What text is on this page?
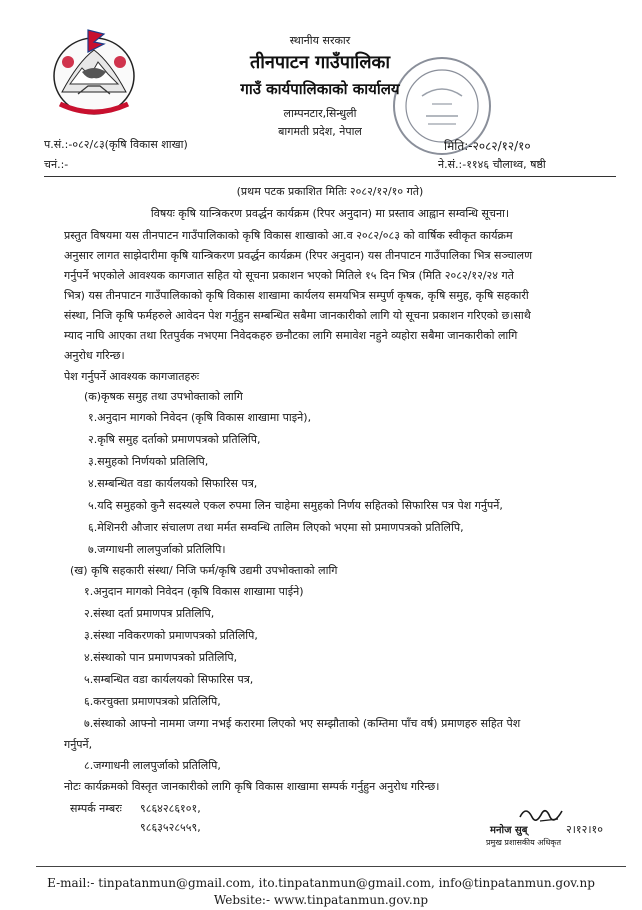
स्थानीय सरकार
तीनपाटन गाउँपालिका
गाउँ कार्यपालिकाको कार्यालय
लाम्पनटार,सिन्धुली
बागमती प्रदेश, नेपाल
प.सं.:-०८२/८३(कृषि विकास शाखा)
चनं.:-
मिति:-२०८२/१२/१०
ने.सं.:-११४६ चौलाथ्व, षष्ठी
(प्रथम पटक प्रकाशित मितिः २०८२/१२/१० गते)
विषयः कृषि यान्त्रिकरण प्रवर्द्धन कार्यक्रम (रिपर अनुदान) मा प्रस्ताव आह्वान सम्वन्धि सूचना।
प्रस्तुत विषयमा यस तीनपाटन गाउँपालिकाको कृषि विकास शाखाको आ.व २०८२/०८३ को वार्षिक स्वीकृत कार्यक्रम
अनुसार लागत साझेदारीमा कृषि यान्त्रिकरण प्रवर्द्धन कार्यक्रम (रिपर अनुदान) यस तीनपाटन गाउँपालिका भित्र सञ्चालण
गर्नुपर्ने भएकोले आवश्यक कागजात सहित यो सूचना प्रकाशन भएको मितिले १५ दिन भित्र (मिति २०८२/१२/२४ गते
भित्र) यस तीनपाटन गाउँपालिकाको कृषि विकास शाखामा कार्यलय समयभित्र सम्पुर्ण कृषक, कृषि समुह, कृषि सहकारी
संस्था, निजि कृषि फर्महरुले आवेदन पेश गर्नुहुन सम्बन्धित सबैमा जानकारीको लागि यो सूचना प्रकाशन गरिएको छ।साथै
म्याद नाघि आएका तथा रितपुर्वक नभएमा निवेदकहरु छनौटका लागि समावेश नहुने व्यहोरा सबैमा जानकारीको लागि
अनुरोध गरिन्छ।
पेश गर्नुपर्ने आवश्यक कागजातहरुः
(क)कृषक समुह तथा उपभोक्ताको लागि
१.अनुदान मागको निवेदन (कृषि विकास शाखामा पाइने),
२.कृषि समुह दर्ताको प्रमाणपत्रको प्रतिलिपि,
३.समुहको निर्णयको प्रतिलिपि,
४.सम्बन्धित वडा कार्यलयको सिफारिस पत्र,
५.यदि समुहको कुनै सदस्यले एकल रुपमा लिन चाहेमा समुहको निर्णय सहितको सिफारिस पत्र पेश गर्नुपर्ने,
६.मेशिनरी औजार संचालण तथा मर्मत सम्वन्धि तालिम लिएको भएमा सो प्रमाणपत्रको प्रतिलिपि,
७.जग्गाधनी लालपुर्जाको प्रतिलिपि।
(ख) कृषि सहकारी संस्था/ निजि फर्म/कृषि उद्यमी उपभोक्ताको लागि
१.अनुदान मागको निवेदन (कृषि विकास शाखामा पाईने)
२.संस्था दर्ता प्रमाणपत्र प्रतिलिपि,
३.संस्था नविकरणको प्रमाणपत्रको प्रतिलिपि,
४.संस्थाको पान प्रमाणपत्रको प्रतिलिपि,
५.सम्बन्धित वडा कार्यलयको सिफारिस पत्र,
६.करचुक्ता प्रमाणपत्रको प्रतिलिपि,
७.संस्थाको आफ्नो नाममा जग्गा नभई करारमा लिएको भए सम्झौताको (कम्तिमा पाँच वर्ष) प्रमाणहरु सहित पेश
गर्नुपर्ने,
८.जग्गाधनी लालपुर्जाको प्रतिलिपि,
नोटः कार्यक्रमको विस्तृत जानकारीको लागि कृषि विकास शाखामा सम्पर्क गर्नुहुन अनुरोध गरिन्छ।
सम्पर्क नम्बरः ९८६४२८६१०१,
९८६३५२८५५९,	मनोज सुब्
प्रमुख प्रशासकीय अधिकृत
२।१२।१०
E-mail:- tinpatanmun@gmail.com, ito.tinpatanmun@gmail.com, info@tinpatanmun.gov.np
Website:- www.tinpatanmun.gov.np
